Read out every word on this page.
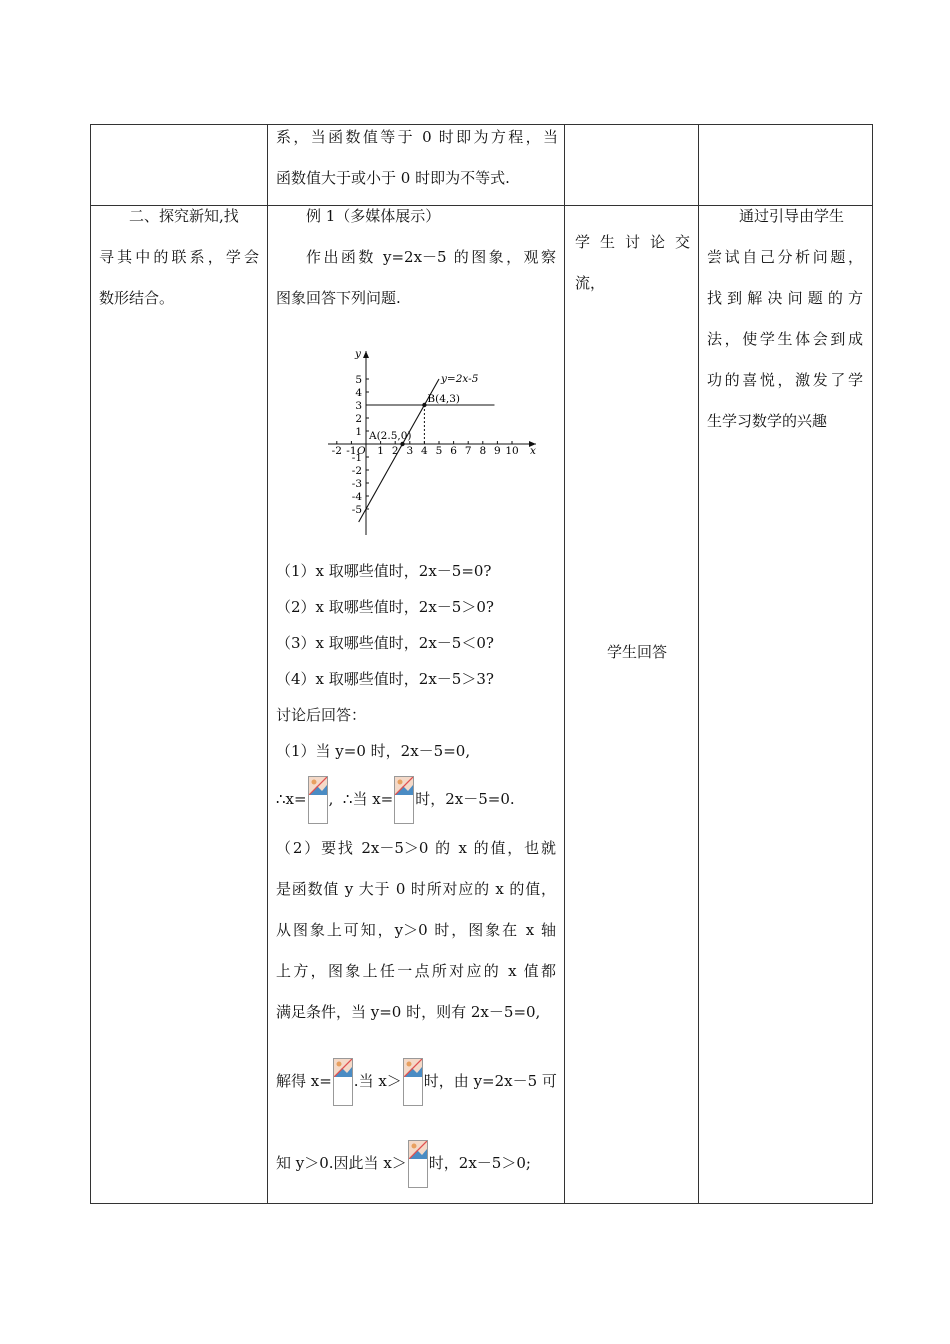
系，当函数值等于 0 时即为方程，当
函数值大于或小于 0 时即为不等式.
二、探究新知,找
寻其中的联系，学会
数形结合。
例 1（多媒体展示）
作出函数 y=2x－5 的图象，观察
图象回答下列问题.
x
y
O
-2 -1 1 2 3 4 5 6 7 8 9 10
5
4
3
2
1
-1
-2
-3
-4
-5
y=2x-5
B(4,3)
A(2.5,0)
（1）x 取哪些值时，2x－5=0?
（2）x 取哪些值时，2x－5＞0?
（3）x 取哪些值时，2x－5＜0?
（4）x 取哪些值时，2x－5＞3?
讨论后回答：
（1）当 y=0 时，2x－5=0,
∴x= , ∴当 x= 时，2x－5=0.
（2）要找 2x－5＞0 的 x 的值，也就
是函数值 y 大于 0 时所对应的 x 的值，
从图象上可知，y＞0 时，图象在 x 轴
上方，图象上任一点所对应的 x 值都
满足条件，当 y=0 时，则有 2x－5=0,
解得 x= .当 x＞ 时，由 y=2x－5 可
知 y＞0.因此当 x＞ 时，2x－5＞0;
学 生 讨 论 交
流，
学生回答
通过引导由学生
尝试自己分析问题，
找 到 解 决 问 题 的 方
法，使学生体会到成
功的喜悦，激发了学
生学习数学的兴趣
